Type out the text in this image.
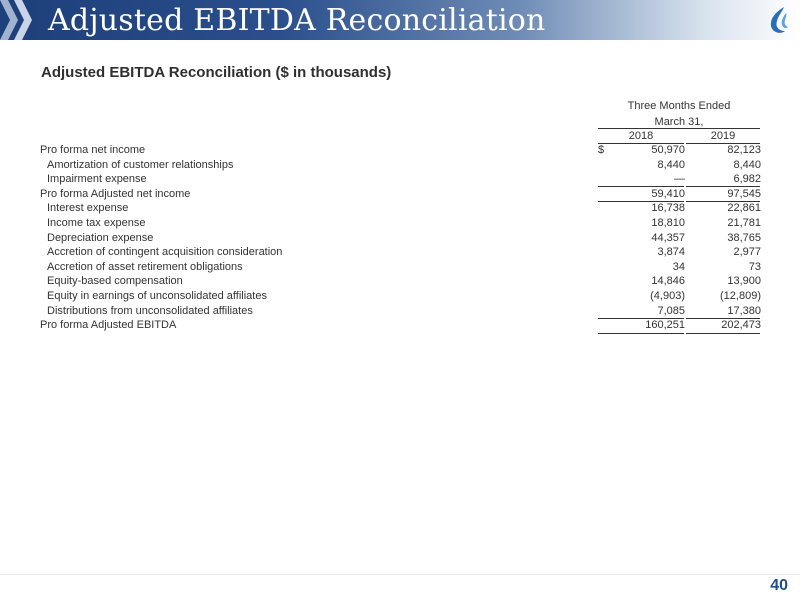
Adjusted EBITDA Reconciliation
Adjusted EBITDA Reconciliation ($ in thousands)
Three Months Ended
March 31,
2018	2019
Pro forma net income	$	50,970	82,123
Amortization of customer relationships	8,440	8,440
Impairment expense	—	6,982
Pro forma Adjusted net income	59,410	97,545
Interest expense	16,738	22,861
Income tax expense	18,810	21,781
Depreciation expense	44,357	38,765
Accretion of contingent acquisition consideration	3,874	2,977
Accretion of asset retirement obligations	34	73
Equity-based compensation	14,846	13,900
Equity in earnings of unconsolidated affiliates	(4,903)	(12,809)
Distributions from unconsolidated affiliates	7,085	17,380
Pro forma Adjusted EBITDA	160,251	202,473
40
